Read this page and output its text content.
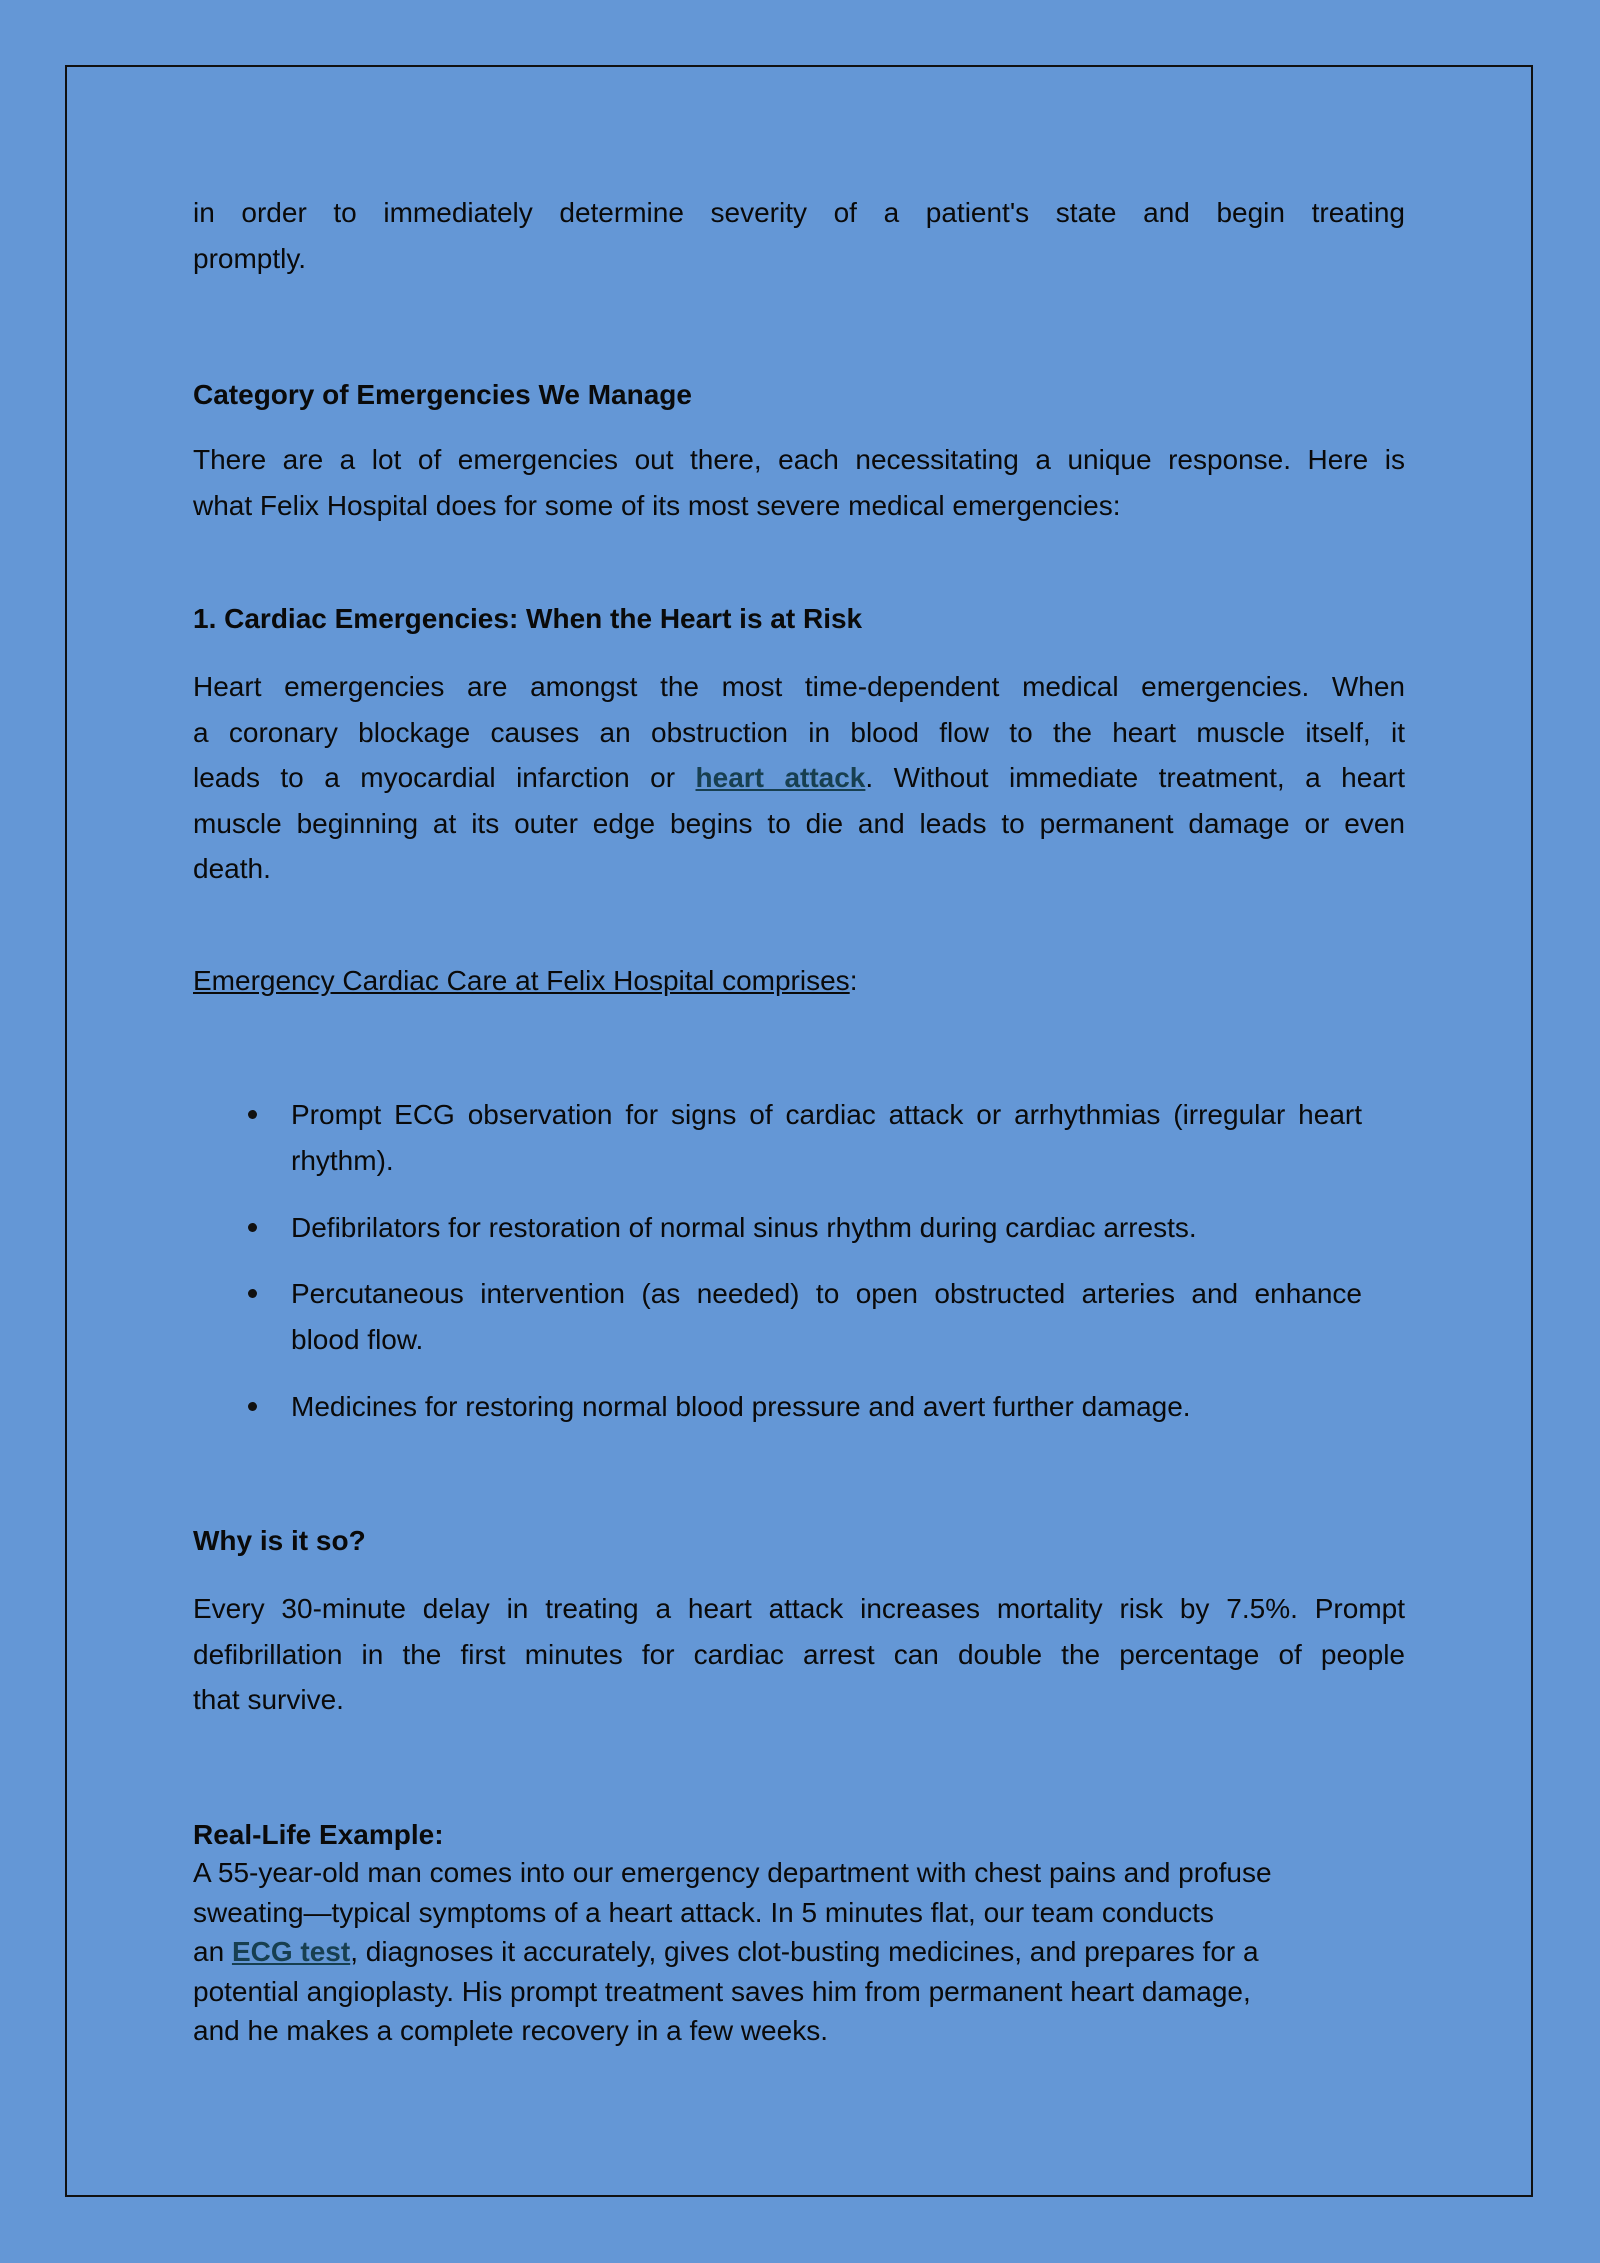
in order to immediately determine severity of a patient's state and begin treating
promptly.
Category of Emergencies We Manage
There are a lot of emergencies out there, each necessitating a unique response. Here is
what Felix Hospital does for some of its most severe medical emergencies:
1. Cardiac Emergencies: When the Heart is at Risk
Heart emergencies are amongst the most time-dependent medical emergencies. When
a coronary blockage causes an obstruction in blood flow to the heart muscle itself, it
leads to a myocardial infarction or heart attack. Without immediate treatment, a heart
muscle beginning at its outer edge begins to die and leads to permanent damage or even
death.
Emergency Cardiac Care at Felix Hospital comprises:
Prompt ECG observation for signs of cardiac attack or arrhythmias (irregular heart
rhythm).
Defibrilators for restoration of normal sinus rhythm during cardiac arrests.
Percutaneous intervention (as needed) to open obstructed arteries and enhance
blood flow.
Medicines for restoring normal blood pressure and avert further damage.
Why is it so?
Every 30-minute delay in treating a heart attack increases mortality risk by 7.5%. Prompt
defibrillation in the first minutes for cardiac arrest can double the percentage of people
that survive.
Real-Life Example:
A 55-year-old man comes into our emergency department with chest pains and profuse
sweating—typical symptoms of a heart attack. In 5 minutes flat, our team conducts
an ECG test, diagnoses it accurately, gives clot-busting medicines, and prepares for a
potential angioplasty. His prompt treatment saves him from permanent heart damage,
and he makes a complete recovery in a few weeks.
